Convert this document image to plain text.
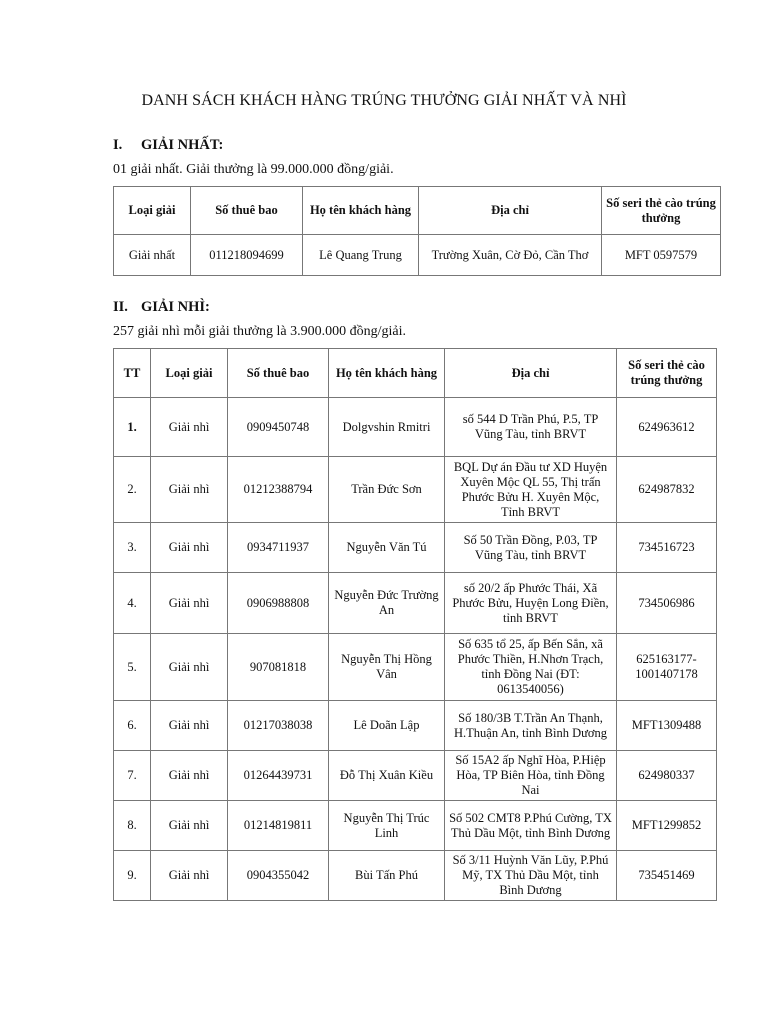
DANH SÁCH KHÁCH HÀNG TRÚNG THƯỞNG GIẢI NHẤT VÀ NHÌ
I. GIẢI NHẤT:
01 giải nhất. Giải thưởng là 99.000.000 đồng/giải.
Loại giải	Số thuê bao	Họ tên khách hàng	Địa chỉ	Số seri thẻ cào trúng thưởng
Giải nhất	011218094699	Lê Quang Trung	Trường Xuân, Cờ Đỏ, Cần Thơ	MFT 0597579
II. GIẢI NHÌ:
257 giải nhì mỗi giải thưởng là 3.900.000 đồng/giải.
TT	Loại giải	Số thuê bao	Họ tên khách hàng	Địa chỉ	Số seri thẻ cào trúng thưởng
1.	Giải nhì	0909450748	Dolgvshin Rmitri	số 544 D Trần Phú, P.5, TP Vũng Tàu, tỉnh BRVT	624963612
2.	Giải nhì	01212388794	Trần Đức Sơn	BQL Dự án Đầu tư XD Huyện Xuyên Mộc QL 55, Thị trấn Phước Bửu H. Xuyên Mộc, Tỉnh BRVT	624987832
3.	Giải nhì	0934711937	Nguyễn Văn Tú	Số 50 Trần Đồng, P.03, TP Vũng Tàu, tỉnh BRVT	734516723
4.	Giải nhì	0906988808	Nguyễn Đức Trường An	số 20/2 ấp Phước Thái, Xã Phước Bửu, Huyện Long Điền, tỉnh BRVT	734506986
5.	Giải nhì	907081818	Nguyễn Thị Hồng Vân	Số 635 tổ 25, ấp Bến Sắn, xã Phước Thiền, H.Nhơn Trạch, tỉnh Đồng Nai (ĐT: 0613540056)	625163177-1001407178
6.	Giải nhì	01217038038	Lê Doãn Lập	Số 180/3B T.Trần An Thạnh, H.Thuận An, tỉnh Bình Dương	MFT1309488
7.	Giải nhì	01264439731	Đỗ Thị Xuân Kiều	Số 15A2 ấp Nghĩ Hòa, P.Hiệp Hòa, TP Biên Hòa, tỉnh Đồng Nai	624980337
8.	Giải nhì	01214819811	Nguyễn Thị Trúc Linh	Số 502 CMT8 P.Phú Cường, TX Thủ Dầu Một, tỉnh Bình Dương	MFT1299852
9.	Giải nhì	0904355042	Bùi Tấn Phú	Số 3/11 Huỳnh Văn Lũy, P.Phú Mỹ, TX Thủ Dầu Một, tỉnh Bình Dương	735451469
